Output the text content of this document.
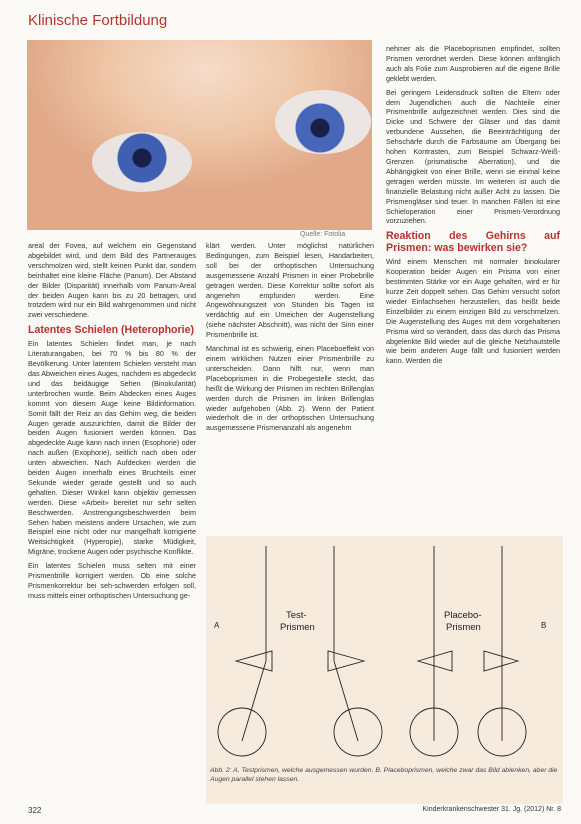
Klinische Fortbildung
Quelle: Fotolia

areal der Fovea, auf welchem ein Gegenstand abgebildet wird, und dem Bild des Partnerauges verschmolzen wird, stellt keinen Punkt dar, sondern beinhaltet eine kleine Fläche (Panum). Der Abstand der Bilder (Disparität) innerhalb vom Panum-Areal der beiden Augen kann bis zu 20 betragen, und trotzdem wird nur ein Bild wahrgenommen und nicht zwei verschiedene.

Latentes Schielen (Heterophorie)

Ein latentes Schielen findet man, je nach Literaturangaben, bei 70 % bis 80 % der Bevölkerung. Unter latentem Schielen versteht man das Abweichen eines Auges, nachdem es abgedeckt und das beidäugige Sehen (Binokularität) unterbrochen wurde. Beim Abdecken eines Auges kommt von diesem Auge keine Bildinformation. Somit fällt der Reiz an das Gehirn weg, die beiden Augen gerade auszurichten, damit die Bilder der beiden Augen fusioniert werden können. Das abgedeckte Auge kann nach innen (Esophorie) oder nach außen (Exophorie), seitlich nach oben oder unten abweichen. Nach Aufdecken werden die beiden Augen innerhalb eines Bruchteils einer Sekunde wieder gerade gestellt und so auch gehalten. Dieser Winkel kann objektiv gemessen werden. Diese «Arbeit» bereitet nur sehr selten Beschwerden. Anstrengungsbeschwerden beim Sehen haben meistens andere Ursachen, wie zum Beispiel eine nicht oder nur mangelhaft korrigierte Weitsichtigkeit (Hyperopie), starke Müdigkeit, Migräne, trockene Augen oder psychische Konflikte.

Ein latentes Schielen muss selten mit einer Prismenbrille korrigiert werden. Ob eine solche Prismenkorrektur bei seh-schwerden erfolgen soll, muss mittels einer orthoptischen Untersuchung ge-

klärt werden. Unter möglichst natürlichen Bedingungen, zum Beispiel lesen, Handarbeiten, soll bei der orthoptischen Untersuchung ausgemessene Anzahl Prismen in einer Probebrille getragen werden. Diese Korrektur sollte sofort als angenehm empfunden werden. Eine Angewöhnungszeit von Stunden bis Tagen ist verdächtig auf ein Umeichen der Augenstellung (siehe nächster Abschnitt), was nicht der Sinn einer Prismenbrille ist.

Manchmal ist es schwierig, einen Placeboeffekt von einem wirklichen Nutzen einer Prismenbrille zu unterscheiden. Dann hilft nur, wenn man Placeboprismen in die Probegestelle steckt, das heißt die Wirkung der Prismen im rechten Brillenglas werden durch die Prismen im linken Brillenglas wieder aufgehoben (Abb. 2). Wenn der Patient wiederholt die in der orthoptischen Untersuchung ausgemessene Prismenanzahl als angenehm

nehmer als die Placeboprismen empfindet, sollten Prismen verordnet werden. Diese können anfänglich auch als Folie zum Ausprobieren auf die eigene Brille geklebt werden.

Bei geringem Leidensdruck sollten die Eltern oder dem Jugendlichen auch die Nachteile einer Prismenbrille aufgezeichnet werden. Dies sind die Dicke und Schwere der Gläser und das damit verbundene Aussehen, die Beeinträchtigung der Sehschärfe durch die Farbsäume am Übergang bei hohen Kontrasten, zum Beispiel Schwarz-Weiß-Grenzen (prismatische Aberration), und die Abhängigkeit von einer Brille, wenn sie einmal keine getragen werden müsste. Im weiteren ist auch die finanzielle Belastung nicht außer Acht zu lassen. Die Prismengläser sind teuer. In manchen Fällen ist eine Schieloperation einer Prismen-Verordnung vorzuziehen.

Reaktion des Gehirns auf Prismen: was bewirken sie?

Wird einem Menschen mit normaler binokularer Kooperation beider Augen ein Prisma von einer bestimmten Stärke vor ein Auge gehalten, wird er für kurze Zeit doppelt sehen. Das Gehirn versucht sofort wieder Einfachsehen herzustellen, das heißt beide Einzelbilder zu einem einzigen Bild zu verschmelzen. Die Augenstellung des Auges mit dem vorgehaltenen Prisma wird so verändert, dass das durch das Prisma abgelenkte Bild wieder auf die gleiche Netzhautstelle wie beim anderen Auge fällt und fusioniert werden kann. Werden die

A	B
Test-
Prismen
Placebo-
Prismen
Abb. 2: A. Testprismen, welche ausgemessen wurden. B. Placeboprismen, welche zwar das Bild ablenken, aber die Augen parallel stehen lassen.
322	Kinderkrankenschwester 31. Jg. (2012) Nr. 8
